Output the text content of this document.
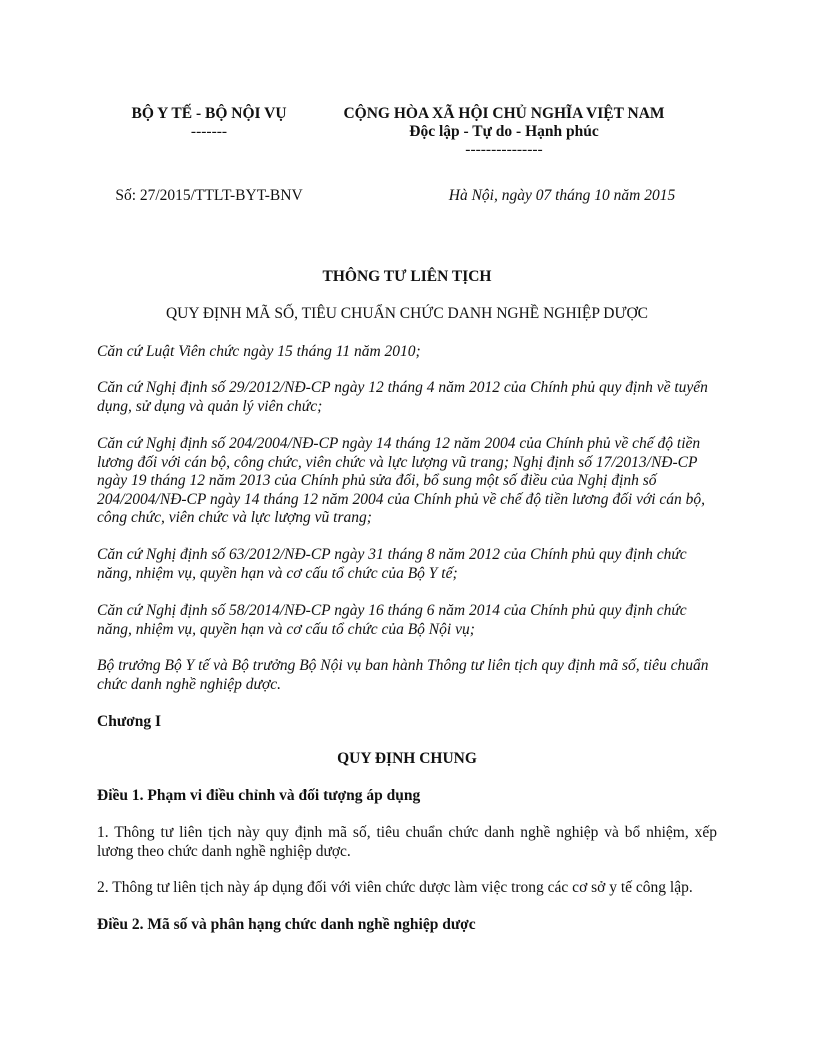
BỘ Y TẾ - BỘ NỘI VỤ
-------
CỘNG HÒA XÃ HỘI CHỦ NGHĨA VIỆT NAM
Độc lập - Tự do - Hạnh phúc
---------------
Số: 27/2015/TTLT-BYT-BNV	Hà Nội, ngày 07 tháng 10 năm 2015
THÔNG TƯ LIÊN TỊCH
QUY ĐỊNH MÃ SỐ, TIÊU CHUẨN CHỨC DANH NGHỀ NGHIỆP DƯỢC
Căn cứ Luật Viên chức ngày 15 tháng 11 năm 2010;
Căn cứ Nghị định số 29/2012/NĐ-CP ngày 12 tháng 4 năm 2012 của Chính phủ quy định về tuyển dụng, sử dụng và quản lý viên chức;
Căn cứ Nghị định số 204/2004/NĐ-CP ngày 14 tháng 12 năm 2004 của Chính phủ về chế độ tiền lương đối với cán bộ, công chức, viên chức và lực lượng vũ trang; Nghị định số 17/2013/NĐ-CP ngày 19 tháng 12 năm 2013 của Chính phủ sửa đổi, bổ sung một số điều của Nghị định số 204/2004/NĐ-CP ngày 14 tháng 12 năm 2004 của Chính phủ về chế độ tiền lương đối với cán bộ, công chức, viên chức và lực lượng vũ trang;
Căn cứ Nghị định số 63/2012/NĐ-CP ngày 31 tháng 8 năm 2012 của Chính phủ quy định chức năng, nhiệm vụ, quyền hạn và cơ cấu tổ chức của Bộ Y tế;
Căn cứ Nghị định số 58/2014/NĐ-CP ngày 16 tháng 6 năm 2014 của Chính phủ quy định chức năng, nhiệm vụ, quyền hạn và cơ cấu tổ chức của Bộ Nội vụ;
Bộ trưởng Bộ Y tế và Bộ trưởng Bộ Nội vụ ban hành Thông tư liên tịch quy định mã số, tiêu chuẩn chức danh nghề nghiệp dược.
Chương I
QUY ĐỊNH CHUNG
Điều 1. Phạm vi điều chỉnh và đối tượng áp dụng
1. Thông tư liên tịch này quy định mã số, tiêu chuẩn chức danh nghề nghiệp và bổ nhiệm, xếp lương theo chức danh nghề nghiệp dược.
2. Thông tư liên tịch này áp dụng đối với viên chức dược làm việc trong các cơ sở y tế công lập.
Điều 2. Mã số và phân hạng chức danh nghề nghiệp dược
